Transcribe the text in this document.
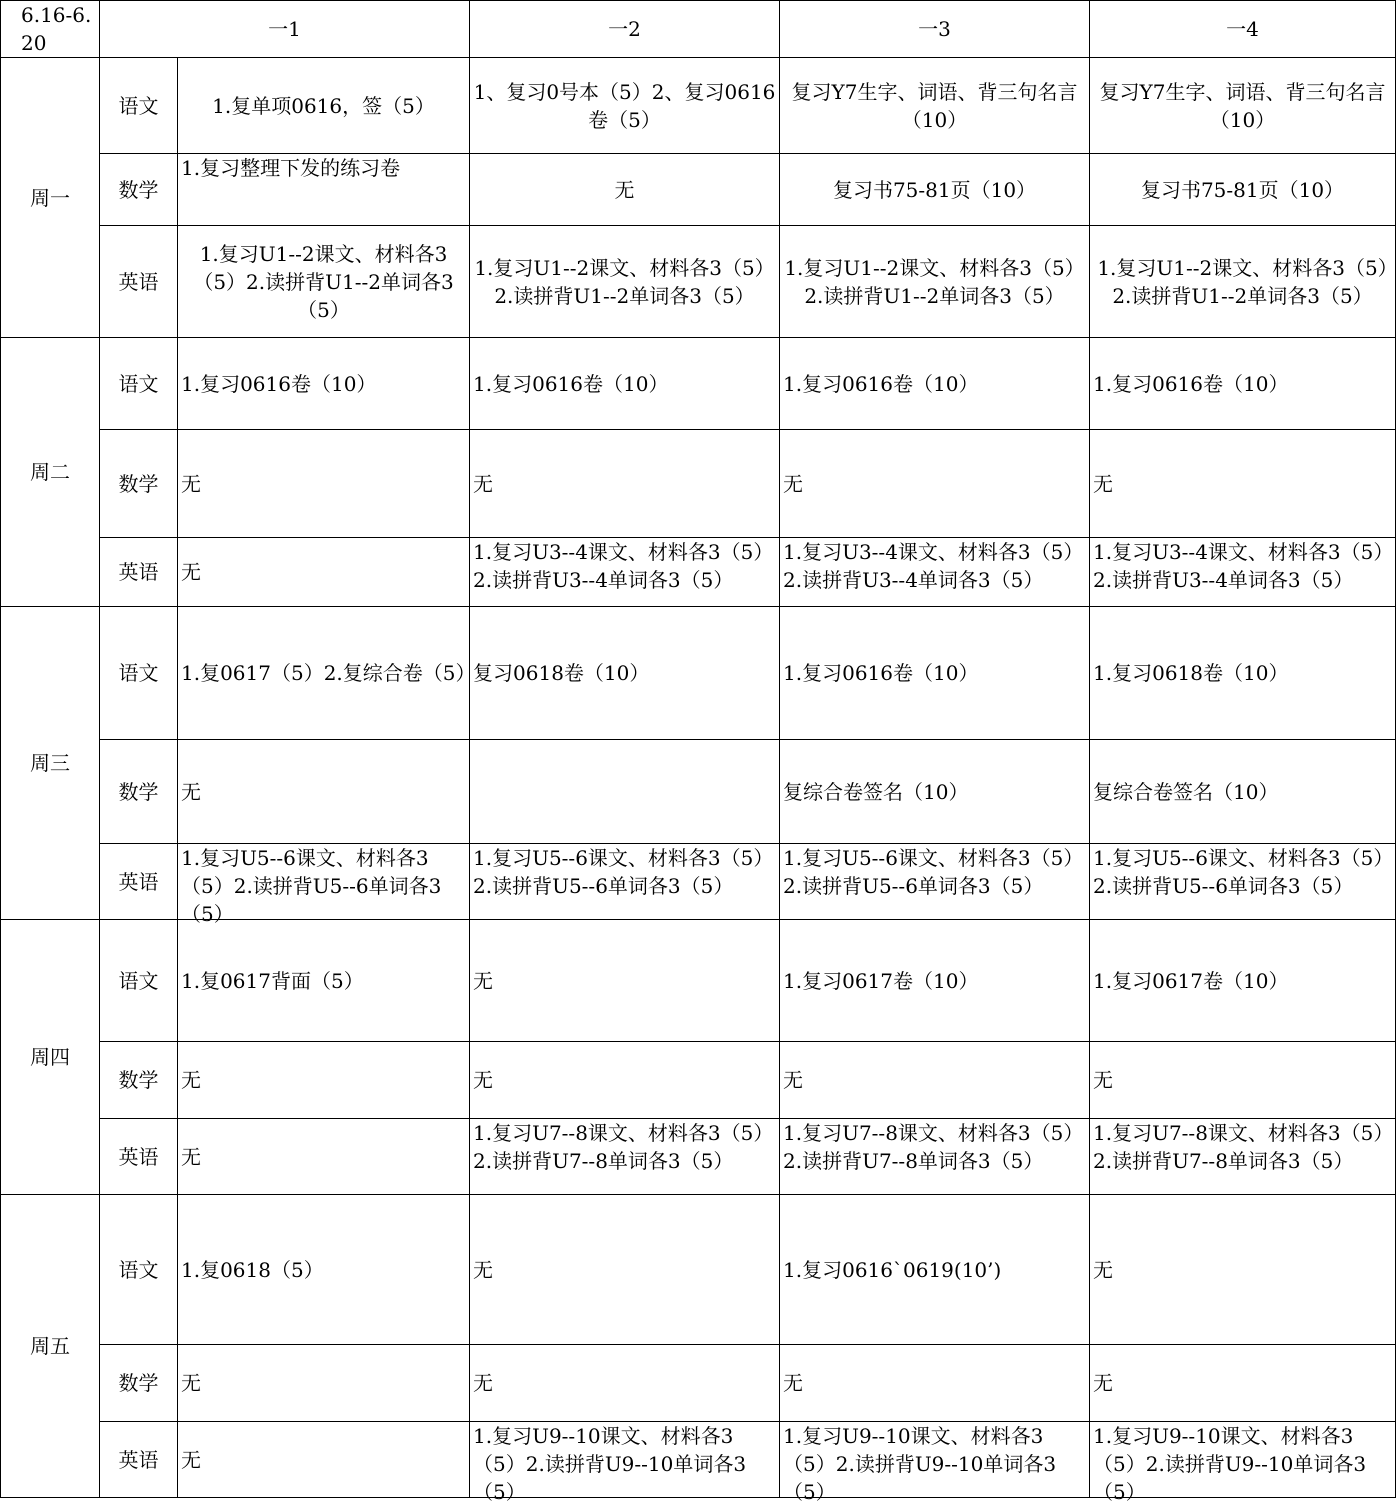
6.16-6.20	一1		一2	一3	一4
周一	语文	1.复单项0616，签（5）	1、复习0号本（5）2、复习0616卷（5）	复习Y7生字、词语、背三句名言（10）	复习Y7生字、词语、背三句名言（10）
	数学	1.复习整理下发的练习卷	无	复习书75-81页（10）	复习书75-81页（10）
	英语	1.复习U1--2课文、材料各3（5）2.读拼背U1--2单词各3（5）	1.复习U1--2课文、材料各3（5）2.读拼背U1--2单词各3（5）	1.复习U1--2课文、材料各3（5）2.读拼背U1--2单词各3（5）	1.复习U1--2课文、材料各3（5）2.读拼背U1--2单词各3（5）
周二	语文	1.复习0616卷（10）	1.复习0616卷（10）	1.复习0616卷（10）	1.复习0616卷（10）
	数学	无	无	无	无
	英语	无	1.复习U3--4课文、材料各3（5）2.读拼背U3--4单词各3（5）	1.复习U3--4课文、材料各3（5）2.读拼背U3--4单词各3（5）	1.复习U3--4课文、材料各3（5）2.读拼背U3--4单词各3（5）

周三	语文	1.复0617（5）2.复综合卷（5）	复习0618卷（10）	1.复习0616卷（10）	1.复习0618卷（10）
	数学	无		复综合卷签名（10）	复综合卷签名（10）
	英语	1.复习U5--6课文、材料各3（5）2.读拼背U5--6单词各3（5）	1.复习U5--6课文、材料各3（5）2.读拼背U5--6单词各3（5）	1.复习U5--6课文、材料各3（5）2.读拼背U5--6单词各3（5）	1.复习U5--6课文、材料各3（5）2.读拼背U5--6单词各3（5）

周四	语文	1.复0617背面（5）	无	1.复习0617卷（10）	1.复习0617卷（10）
	数学	无	无	无	无
	英语	无	1.复习U7--8课文、材料各3（5）2.读拼背U7--8单词各3（5）	1.复习U7--8课文、材料各3（5）2.读拼背U7--8单词各3（5）	1.复习U7--8课文、材料各3（5）2.读拼背U7--8单词各3（5）

周五	语文	1.复0618（5）	无	1.复习0616`0619(10’)	无
	数学	无	无	无	无
	英语	无	1.复习U9--10课文、材料各3（5）2.读拼背U9--10单词各3（5）	1.复习U9--10课文、材料各3（5）2.读拼背U9--10单词各3（5）	1.复习U9--10课文、材料各3（5）2.读拼背U9--10单词各3（5）
